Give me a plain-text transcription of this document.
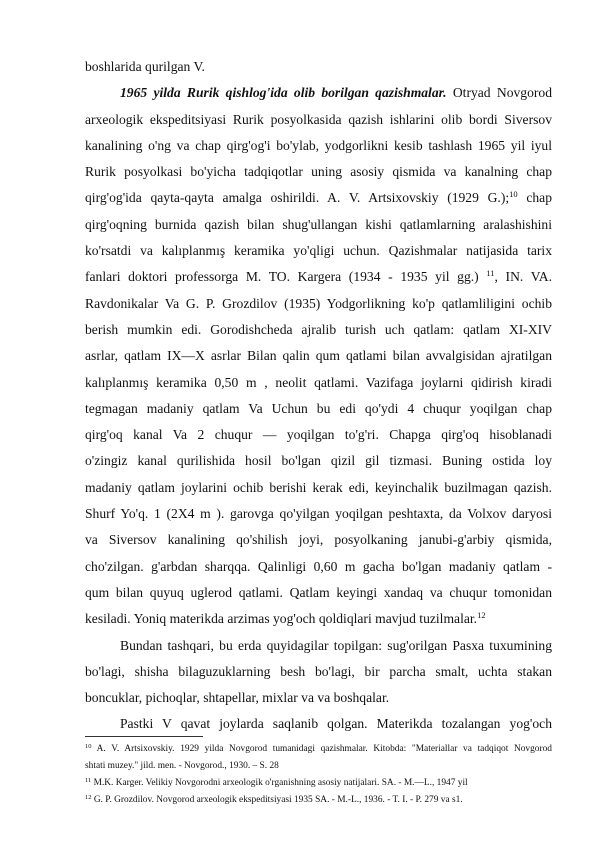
boshlarida qurilgan V.

1965 yilda Rurik qishlog'ida olib borilgan qazishmalar. Otryad Novgorod

arxeologik ekspeditsiyasi Rurik posyolkasida qazish ishlarini olib bordi Siversov

kanalining o'ng va chap qirg'og'i bo'ylab, yodgorlikni kesib tashlash 1965 yil iyul

Rurik posyolkasi bo'yicha tadqiqotlar uning asosiy qismida va kanalning chap

qirg'og'ida qayta-qayta amalga oshirildi. A. V. Artsixovskiy (1929 G.);$^{10}$ chap

qirg'oqning burnida qazish bilan shug'ullangan kishi qatlamlarning aralashishini

ko'rsatdi va kalıplanmış keramika yo'qligi uchun. Qazishmalar natijasida tarix

fanlari doktori professorga M. TO. Kargera (1934 - 1935 yil gg.) $^{11}$, IN. VA.

Ravdonikalar Va G. P. Grozdilov (1935) Yodgorlikning ko'p qatlamliligini ochib

berish mumkin edi. Gorodishcheda ajralib turish uch qatlam: qatlam XI-XIV

asrlar, qatlam IX—X asrlar Bilan qalin qum qatlami bilan avvalgisidan ajratilgan

kalıplanmış keramika 0,50 m , neolit qatlami. Vazifaga joylarni qidirish kiradi

tegmagan madaniy qatlam Va Uchun bu edi qo'ydi 4 chuqur yoqilgan chap

qirg'oq kanal Va 2 chuqur — yoqilgan to'g'ri. Chapga qirg'oq hisoblanadi

o'zingiz kanal qurilishida hosil bo'lgan qizil gil tizmasi. Buning ostida loy

madaniy qatlam joylarini ochib berishi kerak edi, keyinchalik buzilmagan qazish.

Shurf Yo'q. 1 (2X4 m ). garovga qo'yilgan yoqilgan peshtaxta, da Volxov daryosi

va Siversov kanalining qo'shilish joyi, posyolkaning janubi-g'arbiy qismida,

cho'zilgan. g'arbdan sharqqa. Qalinligi 0,60 m gacha bo'lgan madaniy qatlam -

qum bilan quyuq uglerod qatlami. Qatlam keyingi xandaq va chuqur tomonidan

kesiladi. Yoniq materikda arzimas yog'och qoldiqlari mavjud tuzilmalar.$^{12}$

Bundan tashqari, bu erda quyidagilar topilgan: sug'orilgan Pasxa tuxumining

bo'lagi, shisha bilaguzuklarning besh bo'lagi, bir parcha smalt, uchta stakan

boncuklar, pichoqlar, shtapellar, mixlar va va boshqalar.

Pastki V qavat joylarda saqlanib qolgan. Materikda tozalangan yog'och

$^{10}$ A. V. Artsixovskiy. 1929 yilda Novgorod tumanidagi qazishmalar. Kitobda: "Materiallar va tadqiqot Novgorod

shtati muzey." jild. men. - Novgorod., 1930. – S. 28

$^{11}$ M.K. Karger. Velikiy Novgorodni arxeologik o'rganishning asosiy natijalari. SA. - M.—L., 1947 yil

$^{12}$ G. P. Grozdilov. Novgorod arxeologik ekspeditsiyasi 1935 SA. - M.-L., 1936. - T. I. - P. 279 va s1.
